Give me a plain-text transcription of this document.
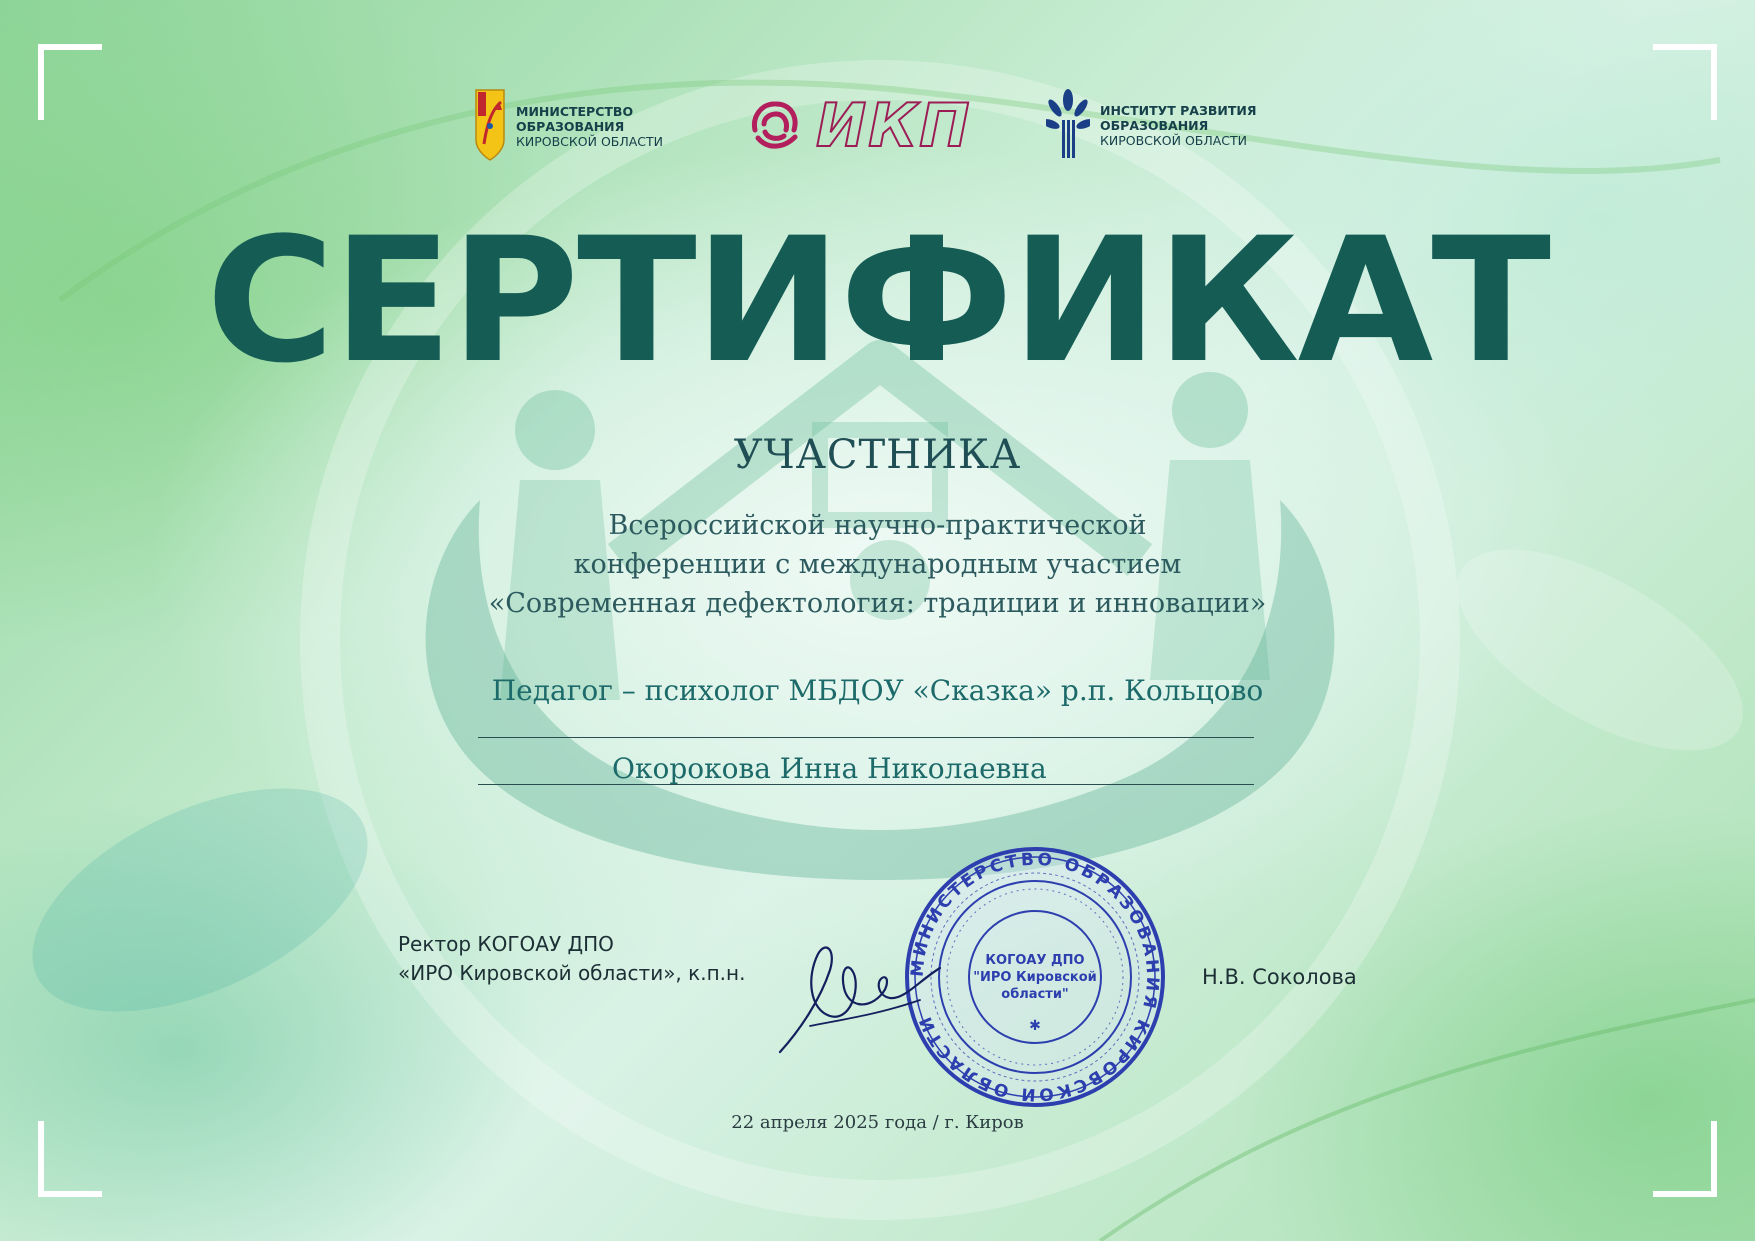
МИНИСТЕРСТВО
ОБРАЗОВАНИЯ
КИРОВСКОЙ ОБЛАСТИ	ИКП	ИНСТИТУТ РАЗВИТИЯ
ОБРАЗОВАНИЯ
КИРОВСКОЙ ОБЛАСТИ
СЕРТИФИКАТ
УЧАСТНИКА
Всероссийской научно-практической
конференции с международным участием
«Современная дефектология: традиции и инновации»
Педагог – психолог МБДОУ «Сказка» р.п. Кольцово
Окорокова Инна Николаевна
Ректор КОГОАУ ДПО
«ИРО Кировской области», к.п.н.	МИНИСТЕРСТВО ОБРАЗОВАНИЯ КИРОВСКОЙ ОБЛАСТИ
КОГОАУ ДПО
"ИРО Кировской
области"
✱
Н.В. Соколова
22 апреля 2025 года / г. Киров
